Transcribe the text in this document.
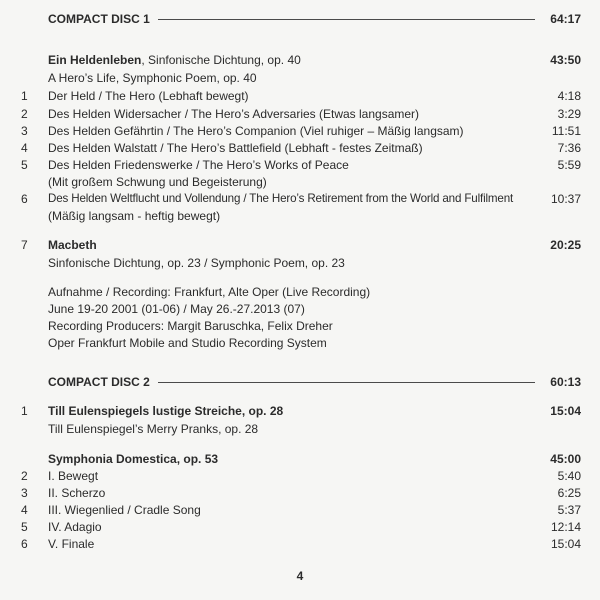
COMPACT DISC 1	64:17
Ein Heldenleben, Sinfonische Dichtung, op. 40	43:50
A Hero’s Life, Symphonic Poem, op. 40
1 Der Held / The Hero (Lebhaft bewegt)	4:18
2 Des Helden Widersacher / The Hero’s Adversaries (Etwas langsamer)	3:29
3 Des Helden Gefährtin / The Hero’s Companion (Viel ruhiger – Mäßig langsam)	11:51
4 Des Helden Walstatt / The Hero’s Battlefield (Lebhaft - festes Zeitmaß)	7:36
5 Des Helden Friedenswerke / The Hero’s Works of Peace	5:59
(Mit großem Schwung und Begeisterung)
6 Des Helden Weltflucht und Vollendung / The Hero’s Retirement from the World and Fulfilment	10:37
(Mäßig langsam - heftig bewegt)
7 Macbeth	20:25
Sinfonische Dichtung, op. 23 / Symphonic Poem, op. 23
Aufnahme / Recording: Frankfurt, Alte Oper (Live Recording)
June 19-20 2001 (01-06) / May 26.-27.2013 (07)
Recording Producers: Margit Baruschka, Felix Dreher
Oper Frankfurt Mobile and Studio Recording System
COMPACT DISC 2	60:13
1 Till Eulenspiegels lustige Streiche, op. 28	15:04
Till Eulenspiegel’s Merry Pranks, op. 28
Symphonia Domestica, op. 53	45:00
2 I. Bewegt	5:40
3 II. Scherzo	6:25
4 III. Wiegenlied / Cradle Song	5:37
5 IV. Adagio	12:14
6 V. Finale	15:04
4
